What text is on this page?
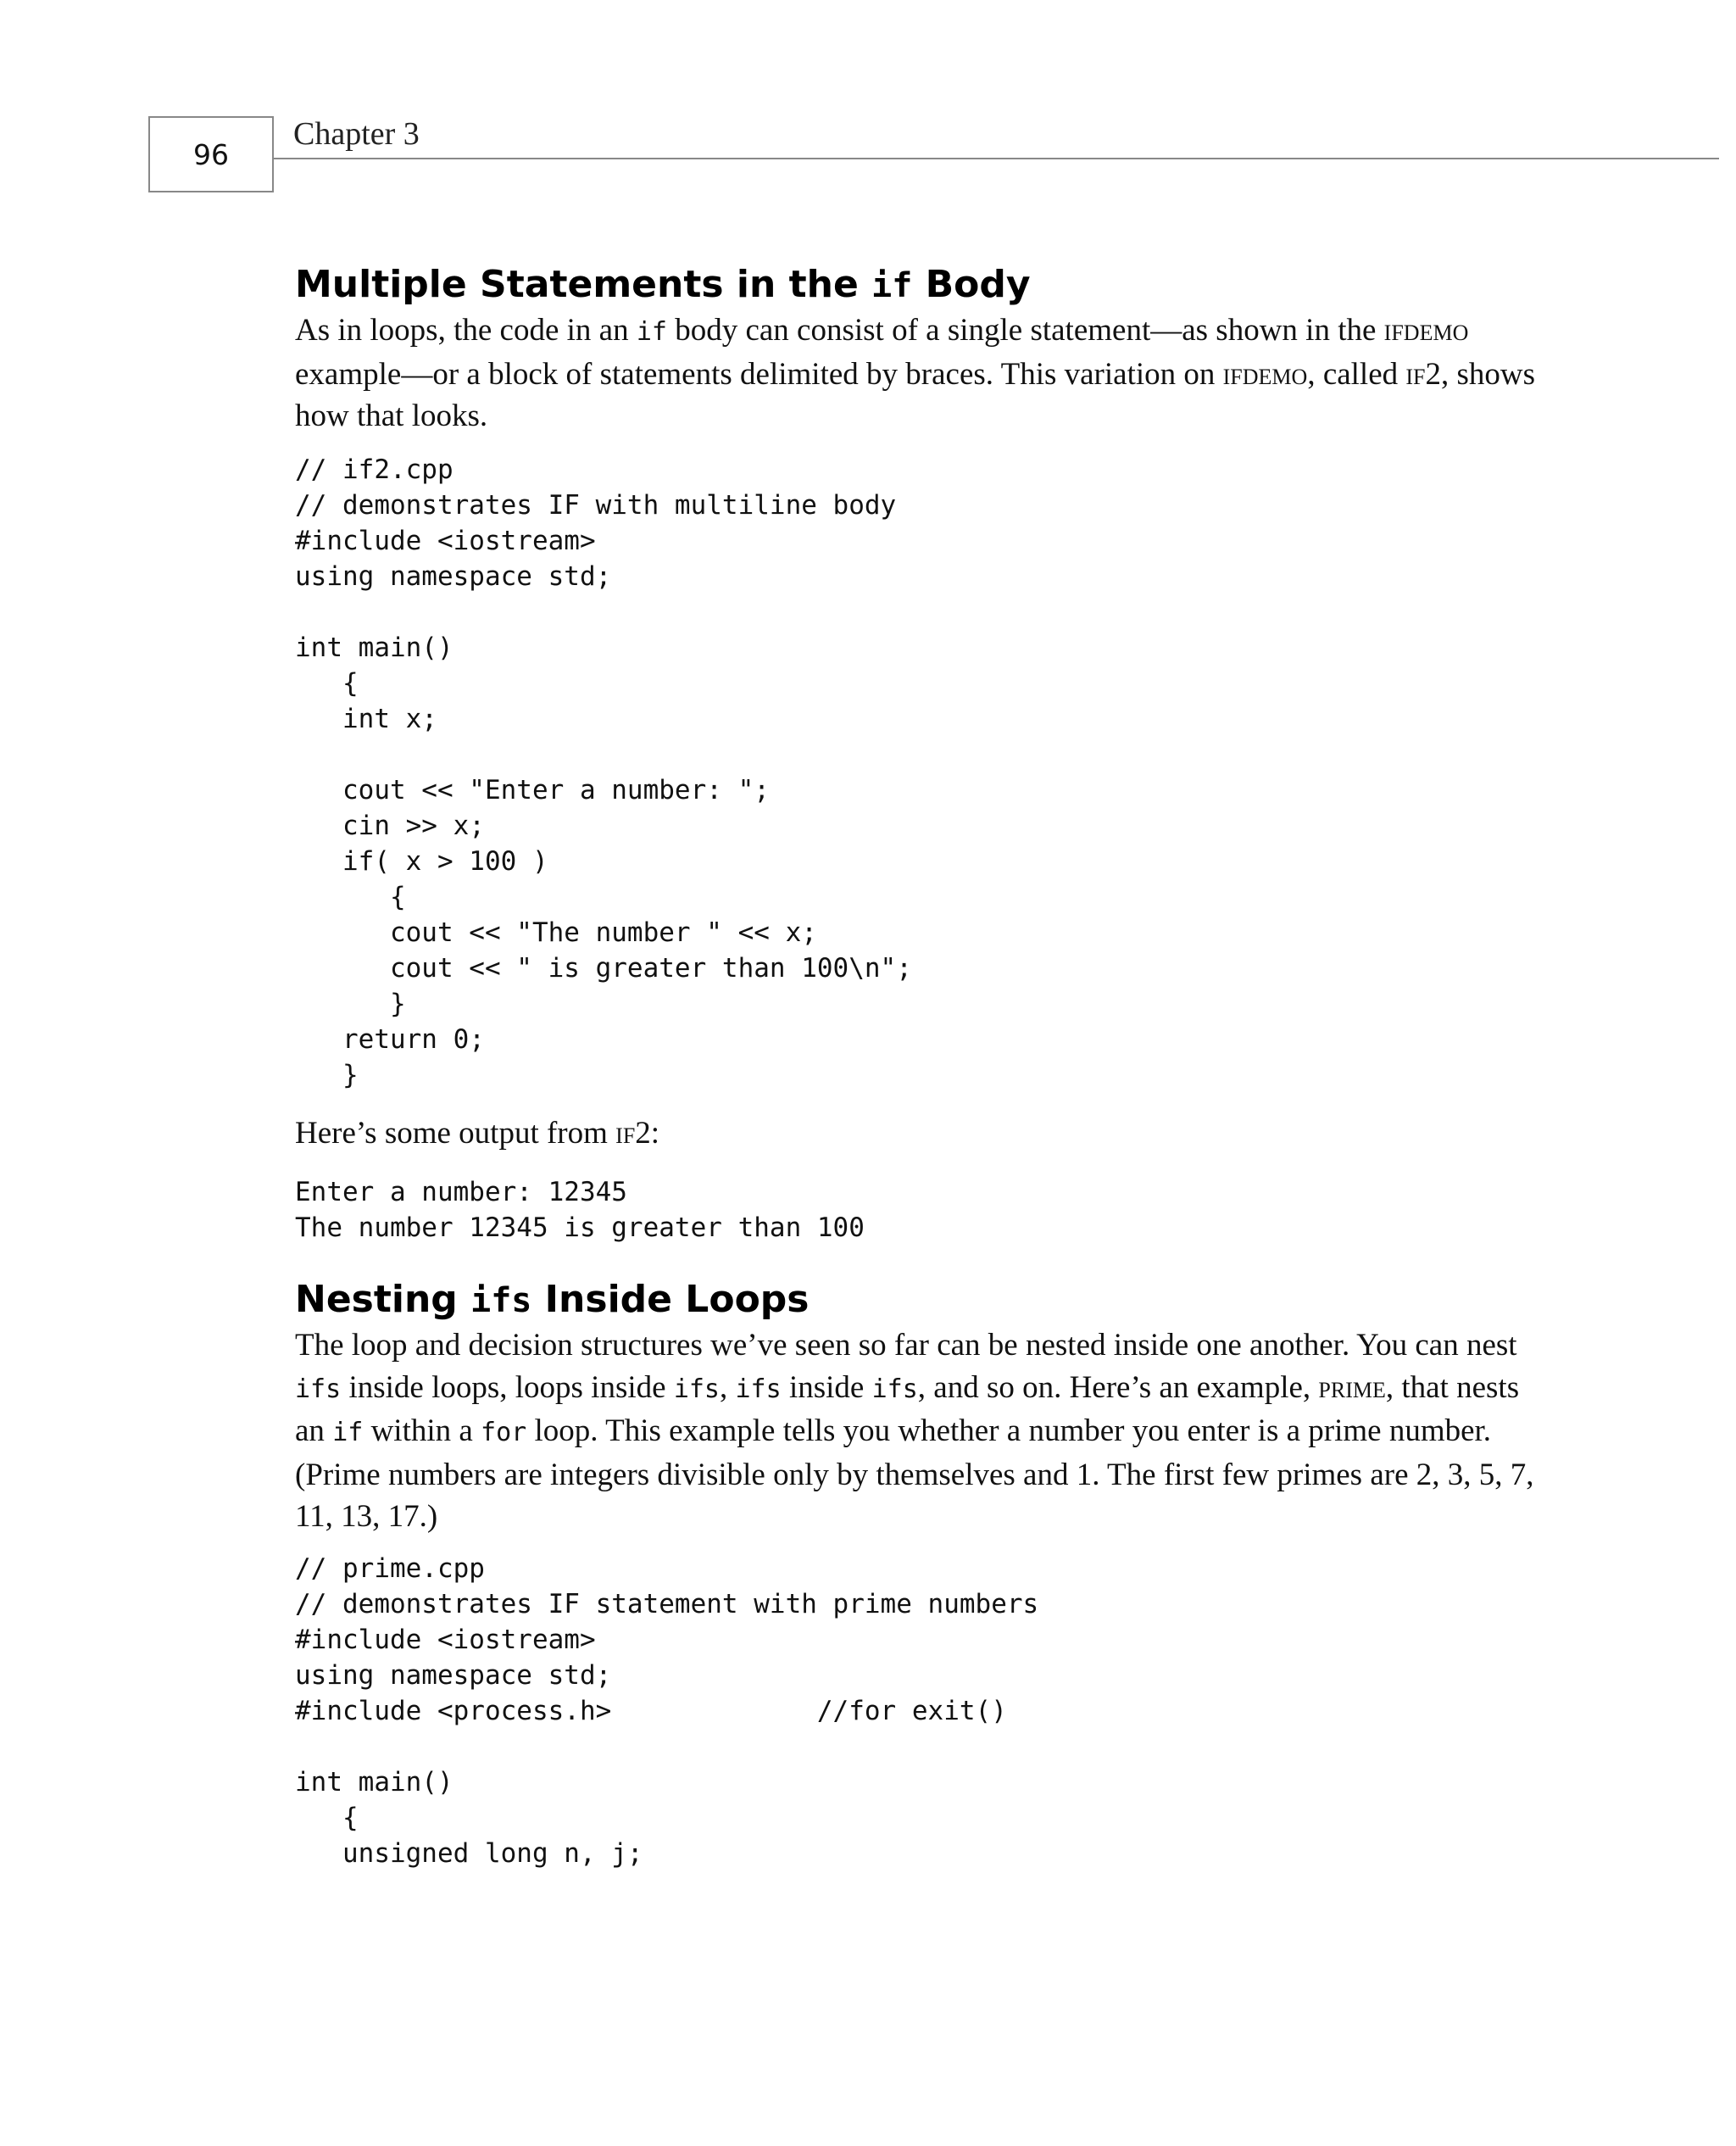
96
Chapter 3
Multiple Statements in the if Body

As in loops, the code in an if body can consist of a single statement—as shown in the ifdemo example—or a block of statements delimited by braces. This variation on ifdemo, called if2, shows how that looks.

// if2.cpp
// demonstrates IF with multiline body
#include <iostream>
using namespace std;

int main()
{
int x;

cout << "Enter a number: ";
cin >> x;
if( x > 100 )
{
cout << "The number " << x;
cout << " is greater than 100\n";
}
return 0;
}

Here’s some output from if2:

Enter a number: 12345
The number 12345 is greater than 100
Nesting ifs Inside Loops

The loop and decision structures we’ve seen so far can be nested inside one another. You can nest ifs inside loops, loops inside ifs, ifs inside ifs, and so on. Here’s an example, prime, that nests an if within a for loop. This example tells you whether a number you enter is a prime number. (Prime numbers are integers divisible only by themselves and 1. The first few primes are 2, 3, 5, 7, 11, 13, 17.)

// prime.cpp
// demonstrates IF statement with prime numbers
#include <iostream>
using namespace std;
#include <process.h>             //for exit()

int main()
{
unsigned long n, j;
